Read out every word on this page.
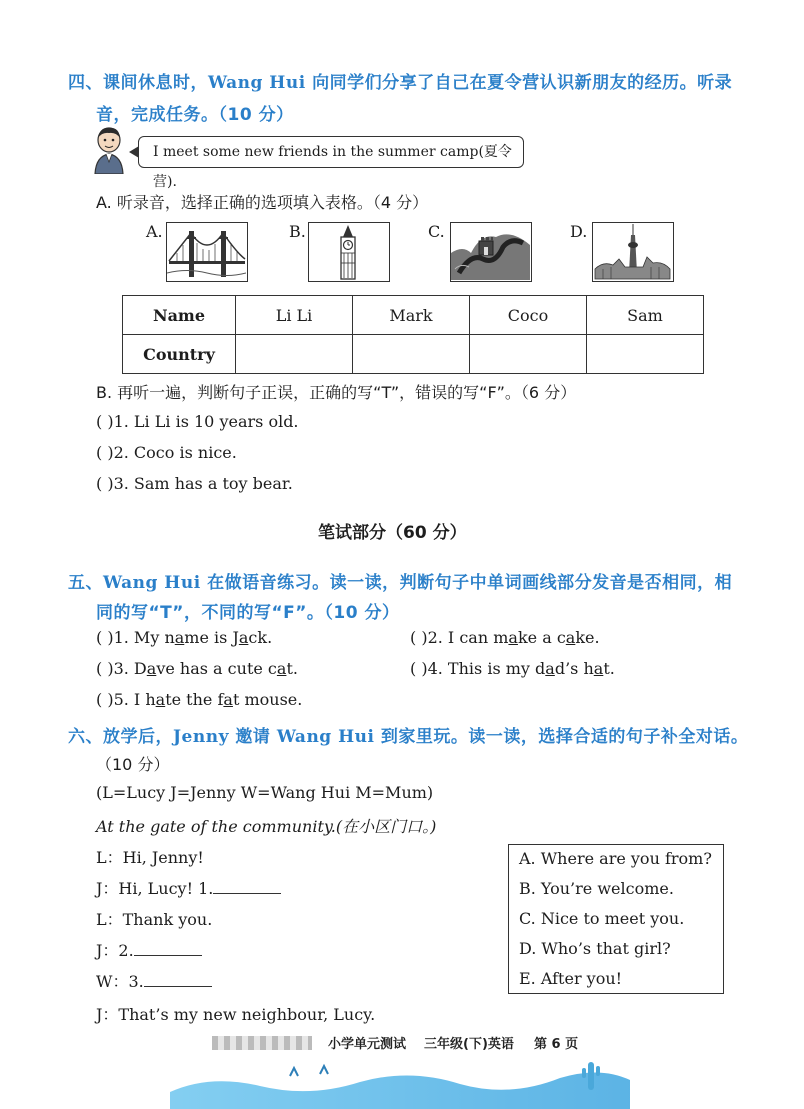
四、课间休息时，Wang Hui 向同学们分享了自己在夏令营认识新朋友的经历。听录
音，完成任务。（10 分）
I meet some new friends in the summer camp(夏令营).
A. 听录音，选择正确的选项填入表格。（4 分）
A.	B.	C.	D.
Name	Li Li	Mark	Coco	Sam
Country				
B. 再听一遍，判断句子正误，正确的写“T”，错误的写“F”。（6 分）
( )1. Li Li is 10 years old.
( )2. Coco is nice.
( )3. Sam has a toy bear.
笔试部分（60 分）
五、Wang Hui 在做语音练习。读一读，判断句子中单词画线部分发音是否相同，相
同的写“T”，不同的写“F”。（10 分）
( )1. My name is Jack.	( )2. I can make a cake.
( )3. Dave has a cute cat.	( )4. This is my dad’s hat.
( )5. I hate the fat mouse.
六、放学后，Jenny 邀请 Wang Hui 到家里玩。读一读，选择合适的句子补全对话。
（10 分）
(L=Lucy J=Jenny W=Wang Hui M=Mum)
At the gate of the community.(在小区门口。)
L：Hi, Jenny!
J：Hi, Lucy! 1.
L：Thank you.
J：2.
W：3.
J：That’s my new neighbour, Lucy.
A. Where are you from?
B. You’re welcome.
C. Nice to meet you.
D. Who’s that girl?
E. After you!
小学单元测试 三年级(下)英语 第 6 页
